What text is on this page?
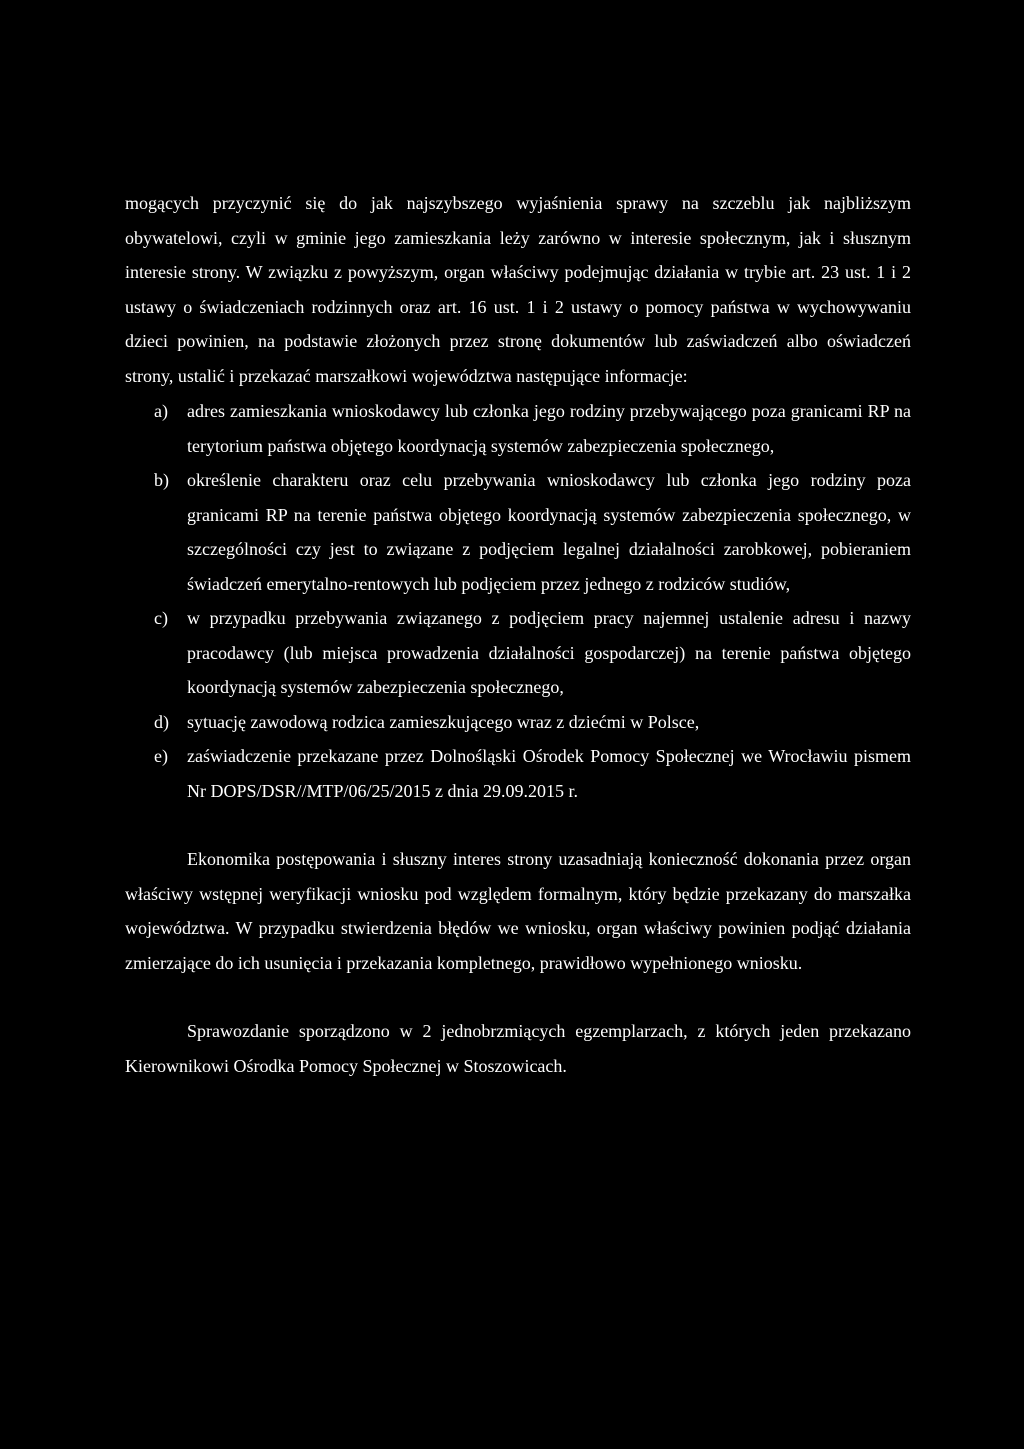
mogących przyczynić się do jak najszybszego wyjaśnienia sprawy na szczeblu jak najbliższym obywatelowi, czyli w gminie jego zamieszkania leży zarówno w interesie społecznym, jak i słusznym interesie strony. W związku z powyższym, organ właściwy podejmując działania w trybie art. 23 ust. 1 i 2 ustawy o świadczeniach rodzinnych oraz art. 16 ust. 1 i 2 ustawy o pomocy państwa w wychowywaniu dzieci powinien, na podstawie złożonych przez stronę dokumentów lub zaświadczeń albo oświadczeń strony, ustalić i przekazać marszałkowi województwa następujące informacje:

a) adres zamieszkania wnioskodawcy lub członka jego rodziny przebywającego poza granicami RP na terytorium państwa objętego koordynacją systemów zabezpieczenia społecznego,
b) określenie charakteru oraz celu przebywania wnioskodawcy lub członka jego rodziny poza granicami RP na terenie państwa objętego koordynacją systemów zabezpieczenia społecznego, w szczególności czy jest to związane z podjęciem legalnej działalności zarobkowej, pobieraniem świadczeń emerytalno-rentowych lub podjęciem przez jednego z rodziców studiów,
c) w przypadku przebywania związanego z podjęciem pracy najemnej ustalenie adresu i nazwy pracodawcy (lub miejsca prowadzenia działalności gospodarczej) na terenie państwa objętego koordynacją systemów zabezpieczenia społecznego,
d) sytuację zawodową rodzica zamieszkującego wraz z dziećmi w Polsce,
e) zaświadczenie przekazane przez Dolnośląski Ośrodek Pomocy Społecznej we Wrocławiu pismem Nr DOPS/DSR//MTP/06/25/2015 z dnia 29.09.2015 r.

Ekonomika postępowania i słuszny interes strony uzasadniają konieczność dokonania przez organ właściwy wstępnej weryfikacji wniosku pod względem formalnym, który będzie przekazany do marszałka województwa. W przypadku stwierdzenia błędów we wniosku, organ właściwy powinien podjąć działania zmierzające do ich usunięcia i przekazania kompletnego, prawidłowo wypełnionego wniosku.

Sprawozdanie sporządzono w 2 jednobrzmiących egzemplarzach, z których jeden przekazano Kierownikowi Ośrodka Pomocy Społecznej w Stoszowicach.
